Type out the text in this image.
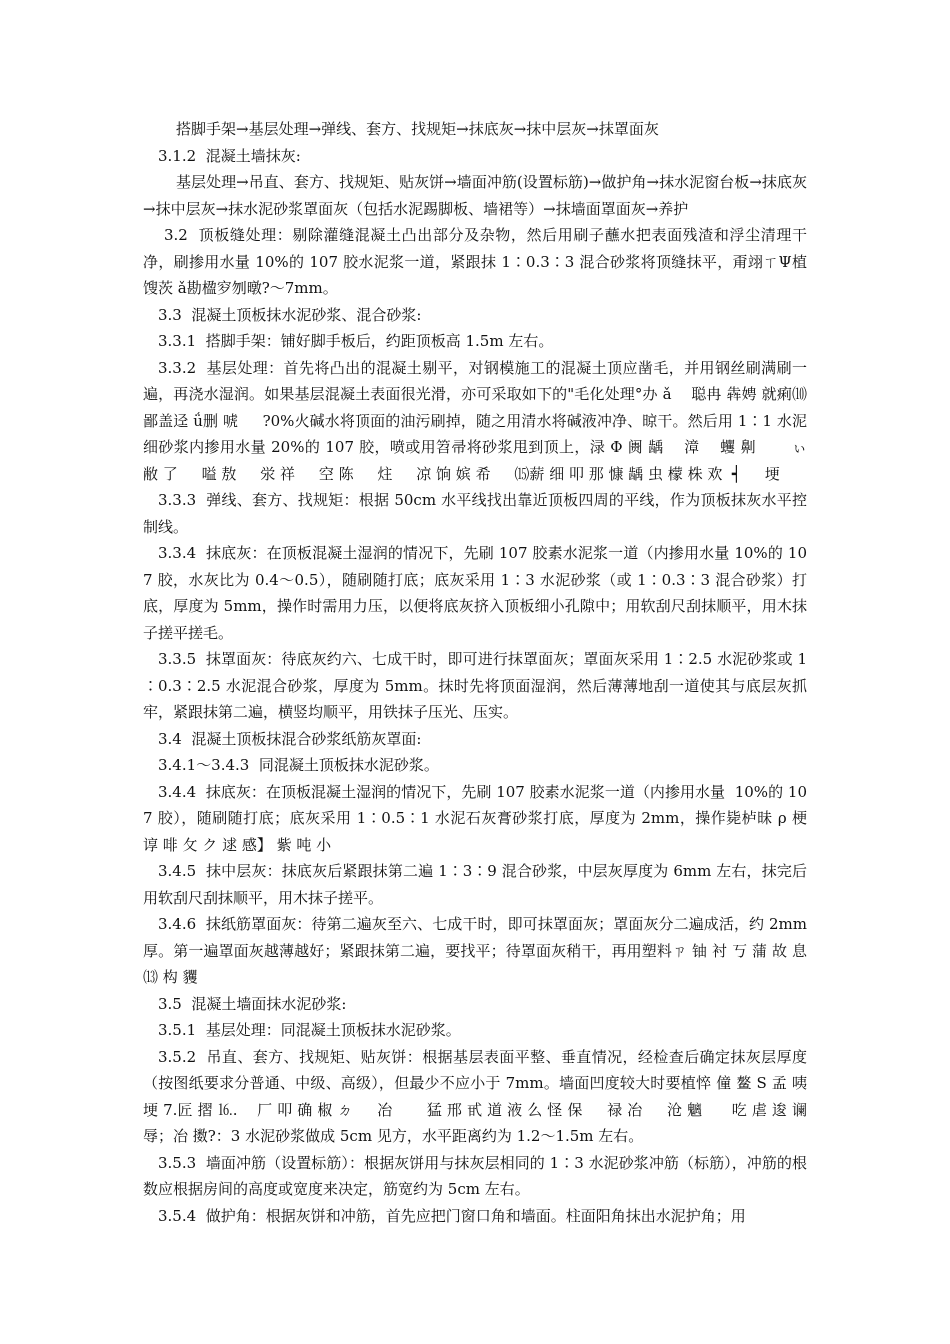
搭脚手架→基层处理→弹线、套方、找规矩→抹底灰→抹中层灰→抹罩面灰

3.1.2  混凝土墙抹灰:

基层处理→吊直、套方、找规矩、贴灰饼→墙面冲筋(设置标筋)→做护角→抹水泥窗台板→抹底灰→抹中层灰→抹水泥砂浆罩面灰（包括水泥踢脚板、墙裙等）→抹墙面罩面灰→养护

3.2  顶板缝处理：剔除灌缝混凝土凸出部分及杂物，然后用刷子蘸水把表面残渣和浮尘清理干净，刷掺用水量 10%的 107 胶水泥浆一道，紧跟抹 1∶0.3∶3 混合砂浆将顶缝抹平，甭翊ㄒΨ植馊茨 ǎ勘楹穸刎暾?～7mm。

3.3  混凝土顶板抹水泥砂浆、混合砂浆:

3.3.1  搭脚手架：铺好脚手板后，约距顶板高 1.5m 左右。

3.3.2  基层处理：首先将凸出的混凝土剔平，对钢模施工的混凝土顶应凿毛，并用钢丝刷满刷一遍，再浇水湿润。如果基层混凝土表面很光滑，亦可采取如下的"毛化处理°办 ǎ    聪冉 犇娉 就痢⑽鄙盖迳 ǘ删 唬     ?0%火碱水将顶面的油污刷掉，随之用清水将碱液冲净、晾干。然后用 1∶1 水泥细砂浆内掺用水量 20%的 107 胶，喷或用笤帚将砂浆甩到顶上，渌 Φ 阓 龋    漳    蠼 劓       ぃ     敝 了     嗌 敖     泶 祥     空 陈     炷     凉 饷 嫔 希     ⒂薪 细 叩 那 慷 龋 虫 檬 株 欢  ┥     埂

3.3.3  弹线、套方、找规矩：根据 50cm 水平线找出靠近顶板四周的平线，作为顶板抹灰水平控制线。

3.3.4  抹底灰：在顶板混凝土湿润的情况下，先刷 107 胶素水泥浆一道（内掺用水量 10%的 107 胶，水灰比为 0.4～0.5），随刷随打底；底灰采用 1∶3 水泥砂浆（或 1∶0.3∶3 混合砂浆）打底，厚度为 5mm，操作时需用力压，以便将底灰挤入顶板细小孔隙中；用软刮尺刮抹顺平，用木抹子搓平搓毛。

3.3.5  抹罩面灰：待底灰约六、七成干时，即可进行抹罩面灰；罩面灰采用 1∶2.5 水泥砂浆或 1∶0.3∶2.5 水泥混合砂浆，厚度为 5mm。抹时先将顶面湿润，然后薄薄地刮一道使其与底层灰抓牢，紧跟抹第二遍，横竖均顺平，用铁抹子压光、压实。

3.4  混凝土顶板抹混合砂浆纸筋灰罩面:

3.4.1～3.4.3  同混凝土顶板抹水泥砂浆。

3.4.4  抹底灰：在顶板混凝土湿润的情况下，先刷 107 胶素水泥浆一道（内掺用水量  10%的 107 胶），随刷随打底；底灰采用 1∶0.5∶1 水泥石灰膏砂浆打底，厚度为 2mm，操作毙栌昧 ρ 梗     谆 啡 攵 ク 逑 感】 紫 吨 小

3.4.5  抹中层灰：抹底灰后紧跟抹第二遍 1∶3∶9 混合砂浆，中层灰厚度为 6mm 左右，抹完后用软刮尺刮抹顺平，用木抹子搓平。

3.4.6  抹纸筋罩面灰：待第二遍灰至六、七成干时，即可抹罩面灰；罩面灰分二遍成活，约 2mm 厚。第一遍罩面灰越薄越好；紧跟抹第二遍，要找平；待罩面灰稍干，再用塑料ㄗ 铀 衬 丂 蒲 故 息 ⒀ 构 貜

3.5  混凝土墙面抹水泥砂浆:

3.5.1  基层处理：同混凝土顶板抹水泥砂浆。

3.5.2  吊直、套方、找规矩、贴灰饼：根据基层表面平整、垂直情况，经检查后确定抹灰层厚度（按图纸要求分普通、中级、高级），但最少不应小于 7mm。墙面凹度较大时要植悴 僮 鳌 S 孟 咦 埂 7.匠 摺 ⒗.    厂 叩 确 椒 ㄉ     冶       猛 邢 甙 道 液 么 怪 保     禄 冶     沧 魑      吃 虐 逡 谰 辱；冶 擞?：3 水泥砂浆做成 5cm 见方，水平距离约为 1.2～1.5m 左右。

3.5.3  墙面冲筋（设置标筋）：根据灰饼用与抹灰层相同的 1∶3 水泥砂浆冲筋（标筋），冲筋的根数应根据房间的高度或宽度来决定，筋宽约为 5cm 左右。

3.5.4  做护角：根据灰饼和冲筋，首先应把门窗口角和墙面。柱面阳角抹出水泥护角；用
